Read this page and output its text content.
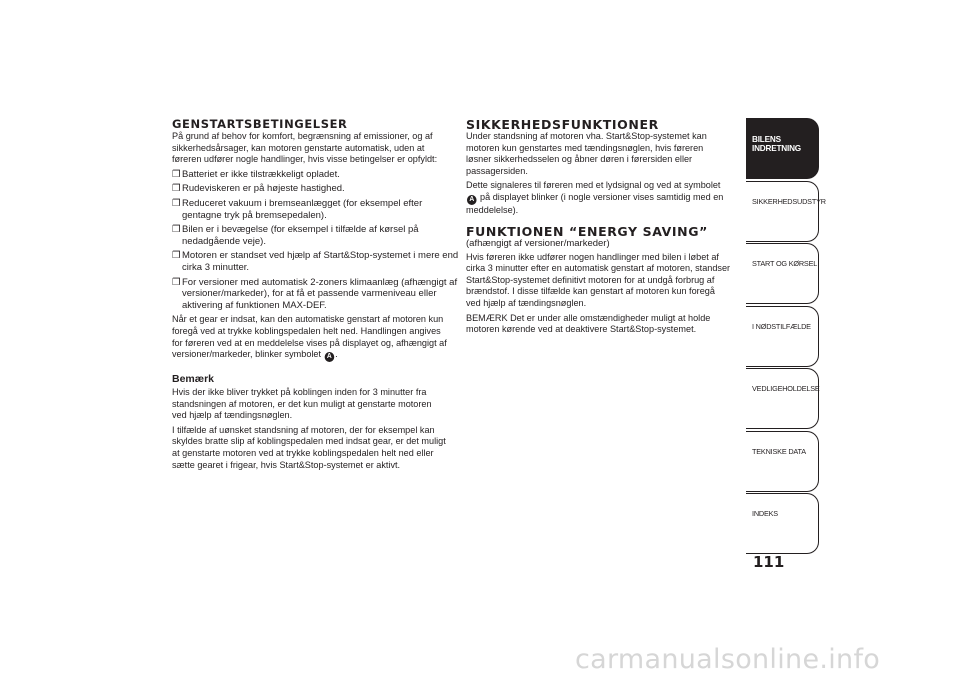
GENSTARTSBETINGELSER

På grund af behov for komfort, begrænsning af emissioner, og af sikkerhedsårsager, kan motoren genstarte automatisk, uden at føreren udfører nogle handlinger, hvis visse betingelser er opfyldt:

❒ Batteriet er ikke tilstrækkeligt opladet.
❒ Rudeviskeren er på højeste hastighed.
❒ Reduceret vakuum i bremseanlægget (for eksempel efter gentagne tryk på bremsepedalen).
❒ Bilen er i bevægelse (for eksempel i tilfælde af kørsel på nedadgående veje).
❒ Motoren er standset ved hjælp af Start&Stop-systemet i mere end cirka 3 minutter.
❒ For versioner med automatisk 2-zoners klimaanlæg (afhængigt af versioner/markeder), for at få et passende varmeniveau eller aktivering af funktionen MAX-DEF.

Når et gear er indsat, kan den automatiske genstart af motoren kun foregå ved at trykke koblingspedalen helt ned. Handlingen angives for føreren ved at en meddelelse vises på displayet og, afhængigt af versioner/markeder, blinker symbolet A .

Bemærk

Hvis der ikke bliver trykket på koblingen inden for 3 minutter fra standsningen af motoren, er det kun muligt at genstarte motoren ved hjælp af tændingsnøglen.

I tilfælde af uønsket standsning af motoren, der for eksempel kan skyldes bratte slip af koblingspedalen med indsat gear, er det muligt at genstarte motoren ved at trykke koblingspedalen helt ned eller sætte gearet i frigear, hvis Start&Stop-systemet er aktivt.

SIKKERHEDSFUNKTIONER

Under standsning af motoren vha. Start&Stop-systemet kan motoren kun genstartes med tændingsnøglen, hvis føreren løsner sikkerhedsselen og åbner døren i førersiden eller passagersiden.

Dette signaleres til føreren med et lydsignal og ved at symbolet A på displayet blinker (i nogle versioner vises samtidig med en meddelelse).

FUNKTIONEN “ENERGY SAVING”
(afhængigt af versioner/markeder)

Hvis føreren ikke udfører nogen handlinger med bilen i løbet af cirka 3 minutter efter en automatisk genstart af motoren, standser Start&Stop-systemet definitivt motoren for at undgå forbrug af brændstof. I disse tilfælde kan genstart af motoren kun foregå ved hjælp af tændingsnøglen.

BEMÆRK Det er under alle omstændigheder muligt at holde motoren kørende ved at deaktivere Start&Stop-systemet.

BILENS
INDRETNING
SIKKERHEDSUDSTYR
START OG KØRSEL
I NØDSTILFÆLDE
VEDLIGEHOLDELSE
TEKNISKE DATA
INDEKS
111
carmanualsonline.info
